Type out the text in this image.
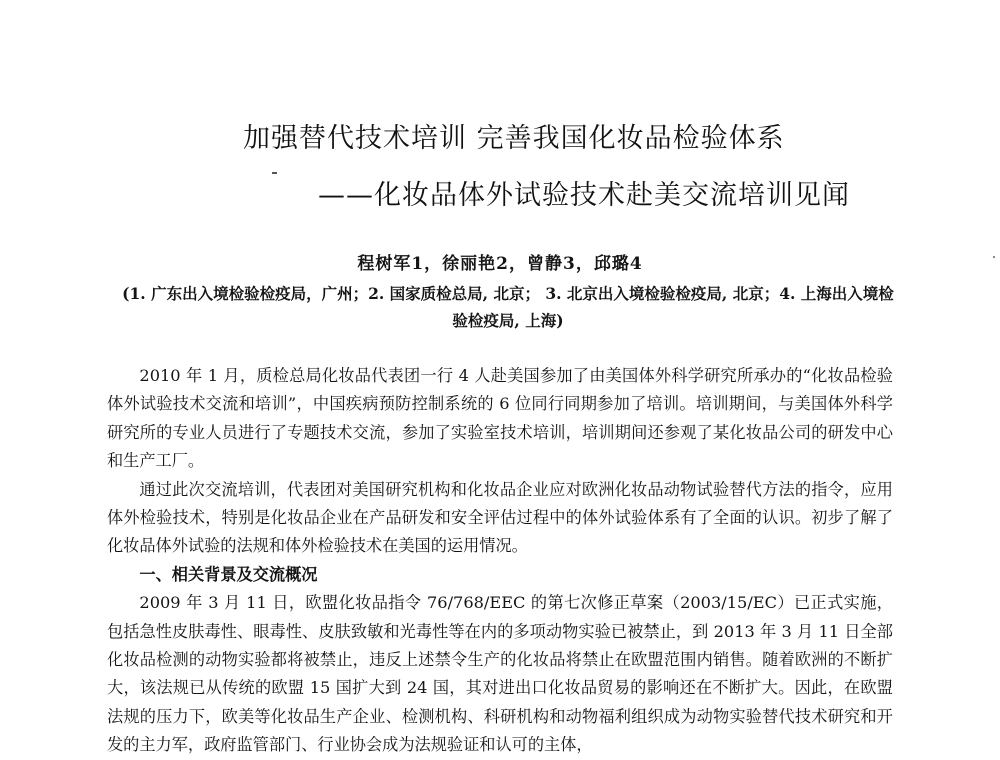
加强替代技术培训 完善我国化妆品检验体系
——化妆品体外试验技术赴美交流培训见闻
程树军1，徐丽艳2，曾静3，邱璐4
(1. 广东出入境检验检疫局，广州；2. 国家质检总局, 北京； 3. 北京出入境检验检疫局, 北京；4. 上海出入境检验检疫局, 上海)

2010 年 1 月，质检总局化妆品代表团一行 4 人赴美国参加了由美国体外科学研究所承办的“化妆品检验体外试验技术交流和培训”，中国疾病预防控制系统的 6 位同行同期参加了培训。培训期间，与美国体外科学研究所的专业人员进行了专题技术交流，参加了实验室技术培训，培训期间还参观了某化妆品公司的研发中心和生产工厂。

通过此次交流培训，代表团对美国研究机构和化妆品企业应对欧洲化妆品动物试验替代方法的指令，应用体外检验技术，特别是化妆品企业在产品研发和安全评估过程中的体外试验体系有了全面的认识。初步了解了化妆品体外试验的法规和体外检验技术在美国的运用情况。

一、相关背景及交流概况

2009 年 3 月 11 日，欧盟化妆品指令 76/768/EEC 的第七次修正草案（2003/15/EC）已正式实施，包括急性皮肤毒性、眼毒性、皮肤致敏和光毒性等在内的多项动物实验已被禁止，到 2013 年 3 月 11 日全部化妆品检测的动物实验都将被禁止，违反上述禁令生产的化妆品将禁止在欧盟范围内销售。随着欧洲的不断扩大，该法规已从传统的欧盟 15 国扩大到 24 国，其对进出口化妆品贸易的影响还在不断扩大。因此，在欧盟法规的压力下，欧美等化妆品生产企业、检测机构、科研机构和动物福利组织成为动物实验替代技术研究和开发的主力军，政府监管部门、行业协会成为法规验证和认可的主体，
